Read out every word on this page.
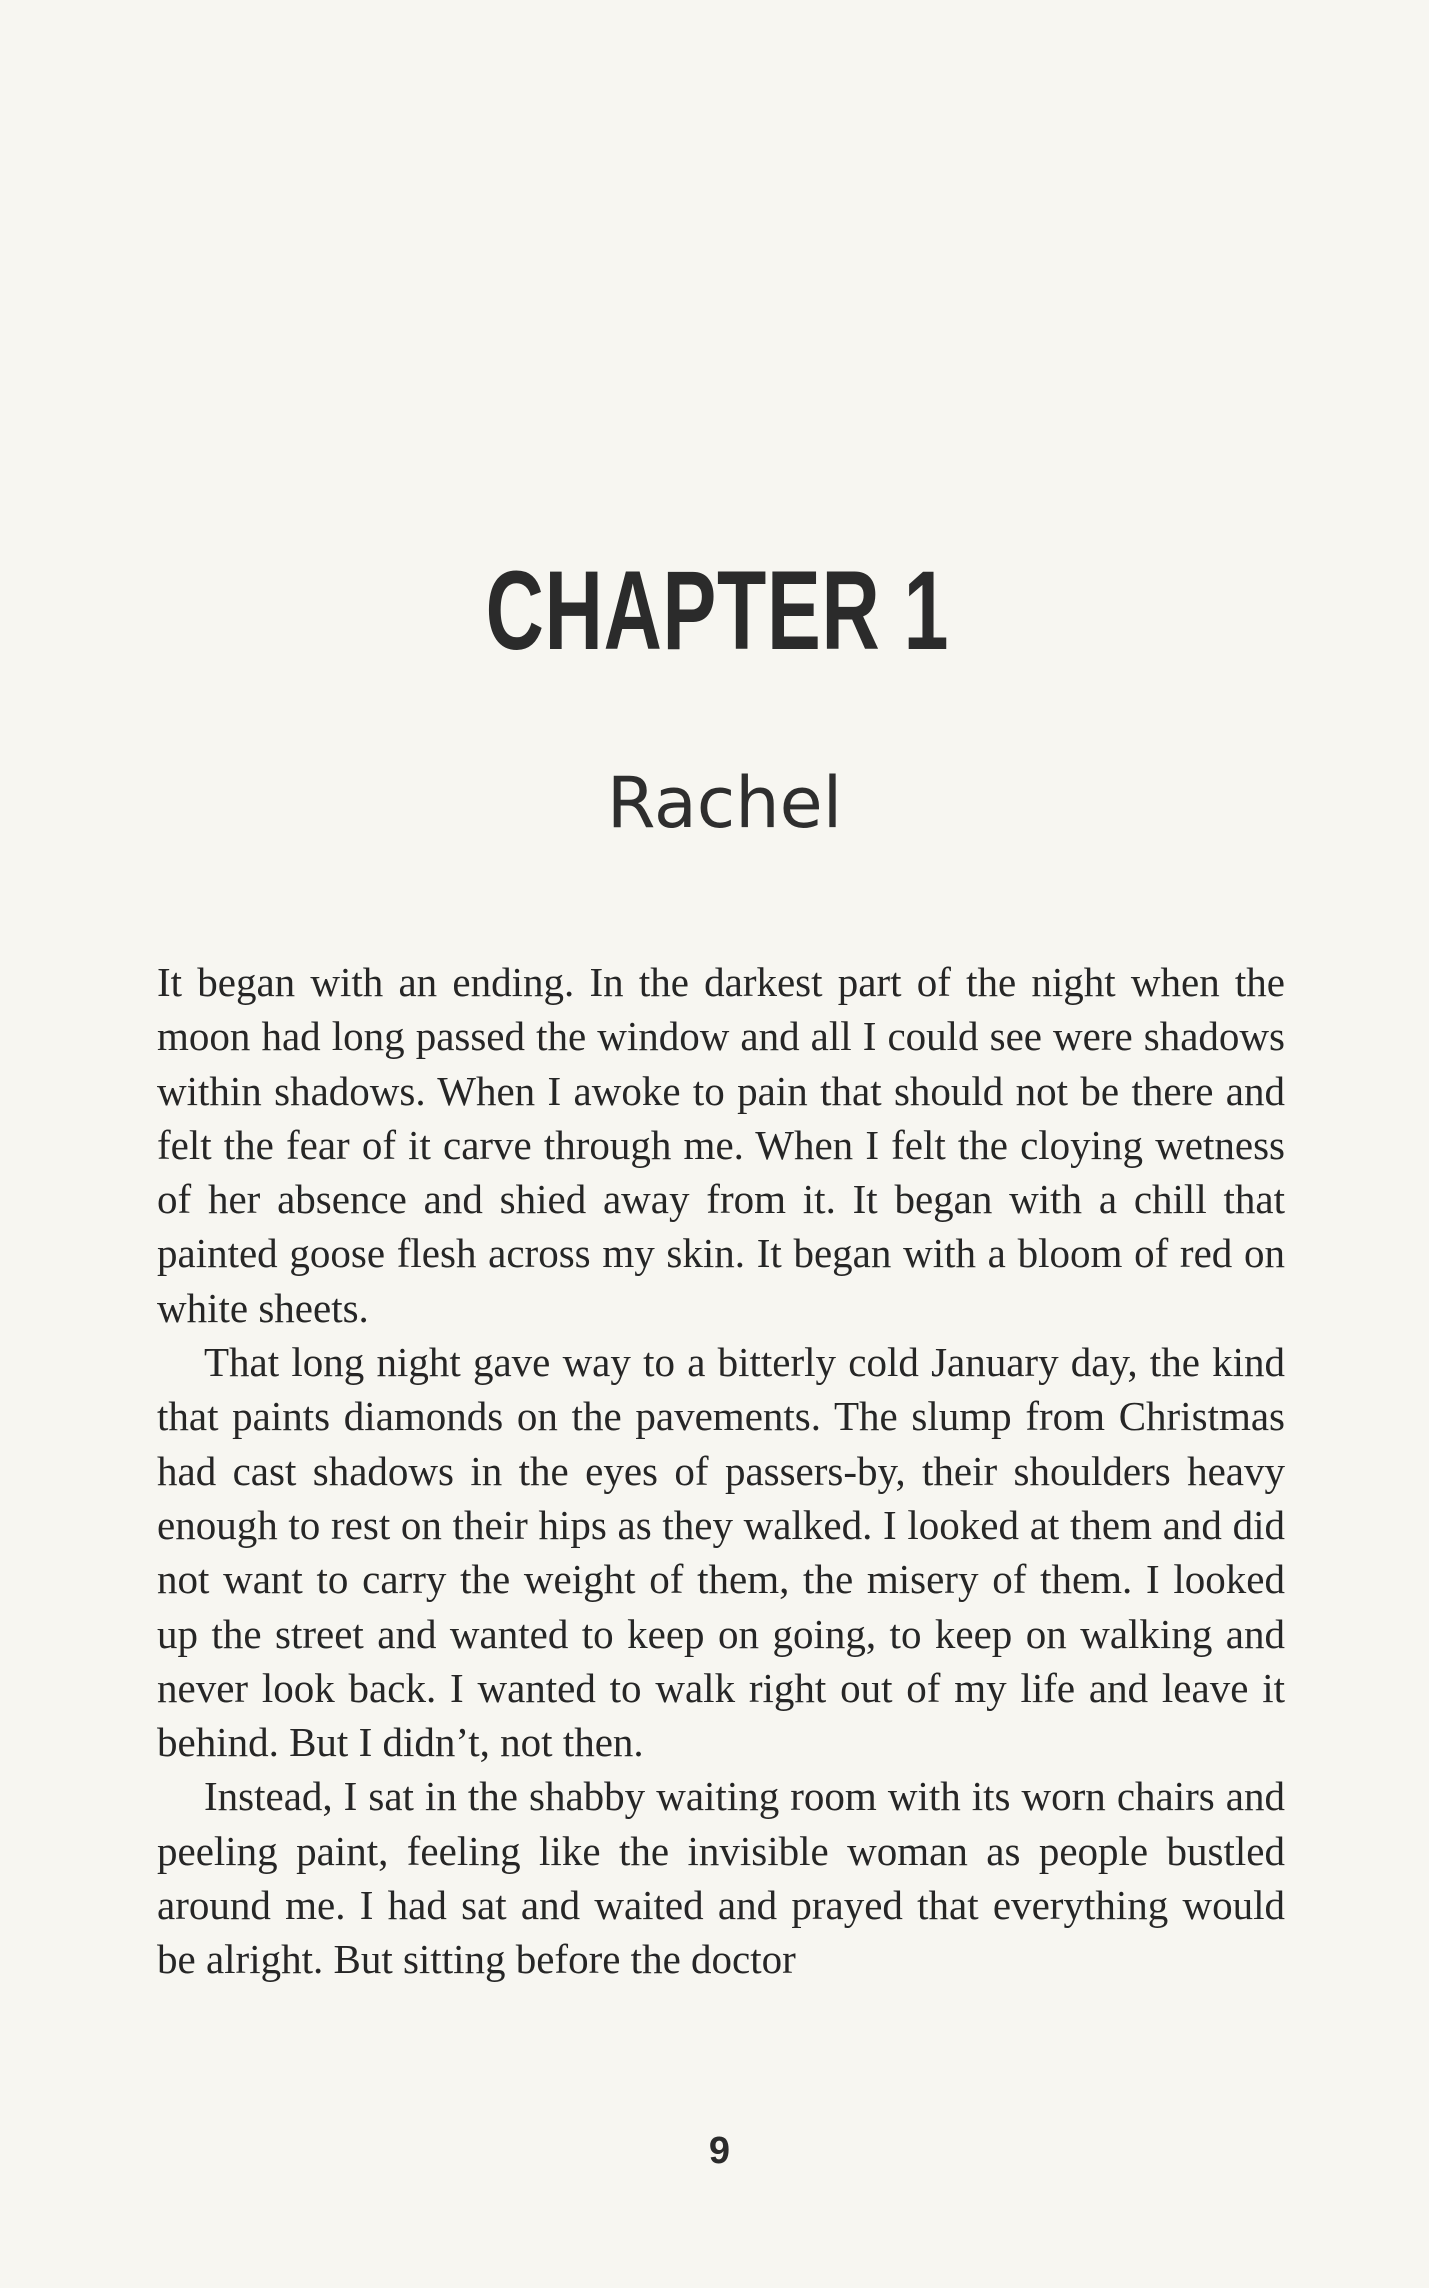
CHAPTER 1
Rachel

It began with an ending. In the darkest part of the night when the moon had long passed the window and all I could see were shadows within shadows. When I awoke to pain that should not be there and felt the fear of it carve through me. When I felt the cloying wetness of her absence and shied away from it. It began with a chill that painted goose flesh across my skin. It began with a bloom of red on white sheets.

That long night gave way to a bitterly cold January day, the kind that paints diamonds on the pavements. The slump from Christmas had cast shadows in the eyes of passers-by, their shoulders heavy enough to rest on their hips as they walked. I looked at them and did not want to carry the weight of them, the misery of them. I looked up the street and wanted to keep on going, to keep on walking and never look back. I wanted to walk right out of my life and leave it behind. But I didn’t, not then.

Instead, I sat in the shabby waiting room with its worn chairs and peeling paint, feeling like the invisible woman as people bustled around me. I had sat and waited and prayed that everything would be alright. But sitting before the doctor

9
